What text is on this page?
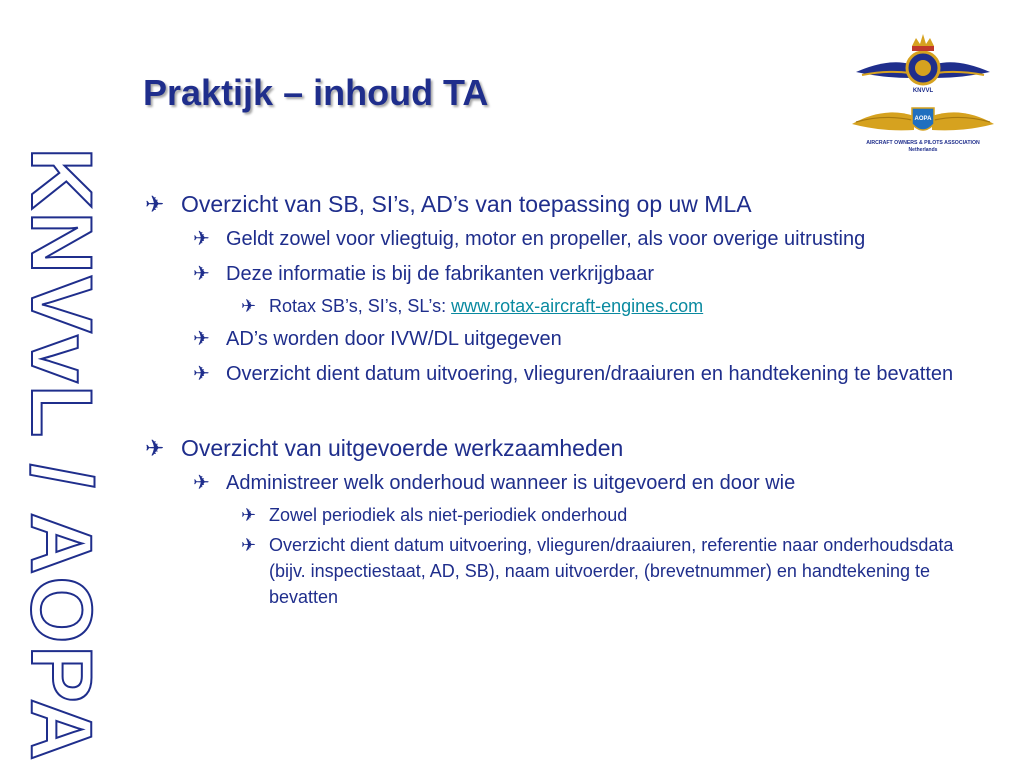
Praktijk – inhoud TA
KNVvL / AOPA
KNVVL
AOPA
AIRCRAFT OWNERS & PILOTS ASSOCIATION
Netherlands
✈ Overzicht van SB, SI’s, AD’s van toepassing op uw MLA
✈ Geldt zowel voor vliegtuig, motor en propeller, als voor overige uitrusting
✈ Deze informatie is bij de fabrikanten verkrijgbaar
✈ Rotax SB’s, SI’s, SL’s: www.rotax-aircraft-engines.com
✈ AD’s worden door IVW/DL uitgegeven
✈ Overzicht dient datum uitvoering, vlieguren/draaiuren en handtekening te bevatten
✈ Overzicht van uitgevoerde werkzaamheden
✈ Administreer welk onderhoud wanneer is uitgevoerd en door wie
✈ Zowel periodiek als niet-periodiek onderhoud
✈ Overzicht dient datum uitvoering, vlieguren/draaiuren, referentie naar onderhoudsdata (bijv. inspectiestaat, AD, SB), naam uitvoerder, (brevetnummer) en handtekening te bevatten
